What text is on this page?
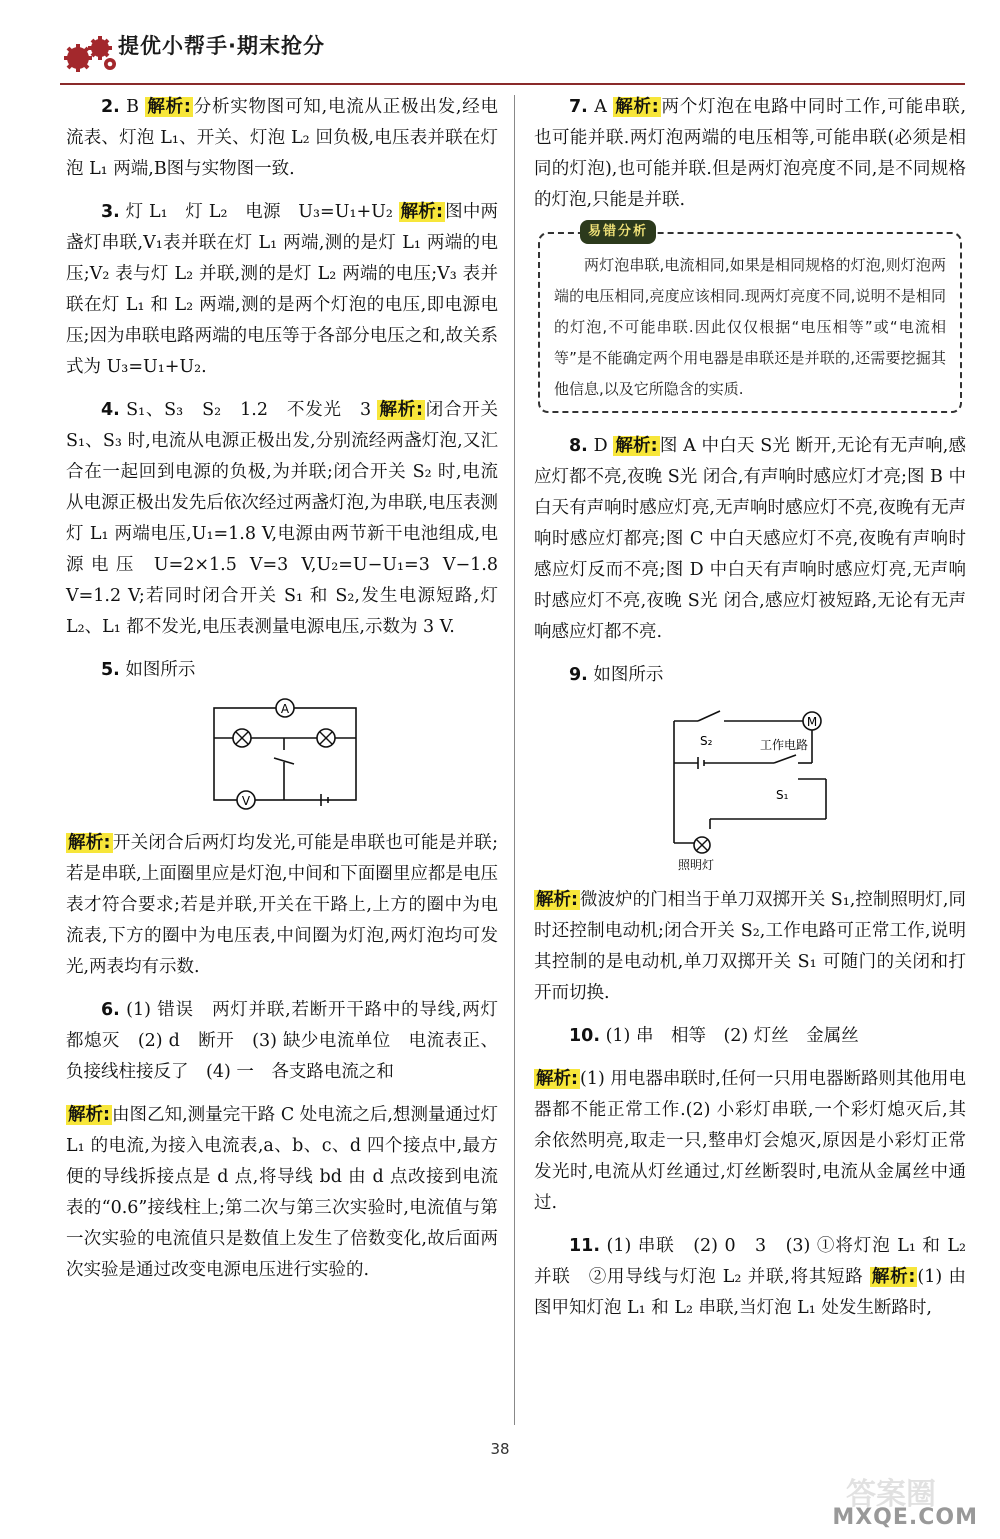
提优小帮手·期末抢分

2. B 解析: 分析实物图可知,电流从正极出发,经电流表、灯泡 L₁、开关、灯泡 L₂ 回负极,电压表并联在灯泡 L₁ 两端,B图与实物图一致.

3. 灯 L₁　灯 L₂　电源　U₃=U₁+U₂ 解析: 图中两盏灯串联,V₁表并联在灯 L₁ 两端,测的是灯 L₁ 两端的电压;V₂ 表与灯 L₂ 并联,测的是灯 L₂ 两端的电压;V₃ 表并联在灯 L₁ 和 L₂ 两端,测的是两个灯泡的电压,即电源电压;因为串联电路两端的电压等于各部分电压之和,故关系式为 U₃=U₁+U₂.

4. S₁、S₃　S₂　1.2　不发光　3 解析: 闭合开关 S₁、S₃ 时,电流从电源正极出发,分别流经两盏灯泡,又汇合在一起回到电源的负极,为并联;闭合开关 S₂ 时,电流从电源正极出发先后依次经过两盏灯泡,为串联,电压表测灯 L₁ 两端电压,U₁=1.8 V,电源由两节新干电池组成,电源电压 U=2×1.5 V=3 V,U₂=U−U₁=3 V−1.8 V=1.2 V;若同时闭合开关 S₁ 和 S₂,发生电源短路,灯 L₂、L₁ 都不发光,电压表测量电源电压,示数为 3 V.

5. 如图所示

A
V

解析: 开关闭合后两灯均发光,可能是串联也可能是并联;若是串联,上面圈里应是灯泡,中间和下面圈里应都是电压表才符合要求;若是并联,开关在干路上,上方的圈中为电流表,下方的圈中为电压表,中间圈为灯泡,两灯泡均可发光,两表均有示数.

6. (1) 错误　两灯并联,若断开干路中的导线,两灯都熄灭　(2) d　断开　(3) 缺少电流单位　电流表正、负接线柱接反了　(4) 一　各支路电流之和

解析: 由图乙知,测量完干路 C 处电流之后,想测量通过灯 L₁ 的电流,为接入电流表,a、b、c、d 四个接点中,最方便的导线拆接点是 d 点,将导线 bd 由 d 点改接到电流表的“0.6”接线柱上;第二次与第三次实验时,电流值与第一次实验的电流值只是数值上发生了倍数变化,故后面两次实验是通过改变电源电压进行实验的.

7. A 解析: 两个灯泡在电路中同时工作,可能串联,也可能并联.两灯泡两端的电压相等,可能串联(必须是相同的灯泡),也可能并联.但是两灯泡亮度不同,是不同规格的灯泡,只能是并联.

易错分析
两灯泡串联,电流相同,如果是相同规格的灯泡,则灯泡两端的电压相同,亮度应该相同.现两灯亮度不同,说明不是相同的灯泡,不可能串联.因此仅仅根据“电压相等”或“电流相等”是不能确定两个用电器是串联还是并联的,还需要挖掘其他信息,以及它所隐含的实质.

8. D 解析: 图 A 中白天 S光 断开,无论有无声响,感应灯都不亮,夜晚 S光 闭合,有声响时感应灯才亮;图 B 中白天有声响时感应灯亮,无声响时感应灯不亮,夜晚有无声响时感应灯都亮;图 C 中白天感应灯不亮,夜晚有声响时感应灯反而不亮;图 D 中白天有声响时感应灯亮,无声响时感应灯不亮,夜晚 S光 闭合,感应灯被短路,无论有无声响感应灯都不亮.

9. 如图所示

M
S₂
S₁
工作电路
照明灯

解析: 微波炉的门相当于单刀双掷开关 S₁,控制照明灯,同时还控制电动机;闭合开关 S₂,工作电路可正常工作,说明其控制的是电动机,单刀双掷开关 S₁ 可随门的关闭和打开而切换.

10. (1) 串　相等　(2) 灯丝　金属丝

解析: (1) 用电器串联时,任何一只用电器断路则其他用电器都不能正常工作.(2) 小彩灯串联,一个彩灯熄灭后,其余依然明亮,取走一只,整串灯会熄灭,原因是小彩灯正常发光时,电流从灯丝通过,灯丝断裂时,电流从金属丝中通过.

11. (1) 串联　(2) 0　3　(3) ①将灯泡 L₁ 和 L₂ 并联　②用导线与灯泡 L₂ 并联,将其短路 解析: (1) 由图甲知灯泡 L₁ 和 L₂ 串联,当灯泡 L₁ 处发生断路时,

38
答案圈
MXQE.COM
